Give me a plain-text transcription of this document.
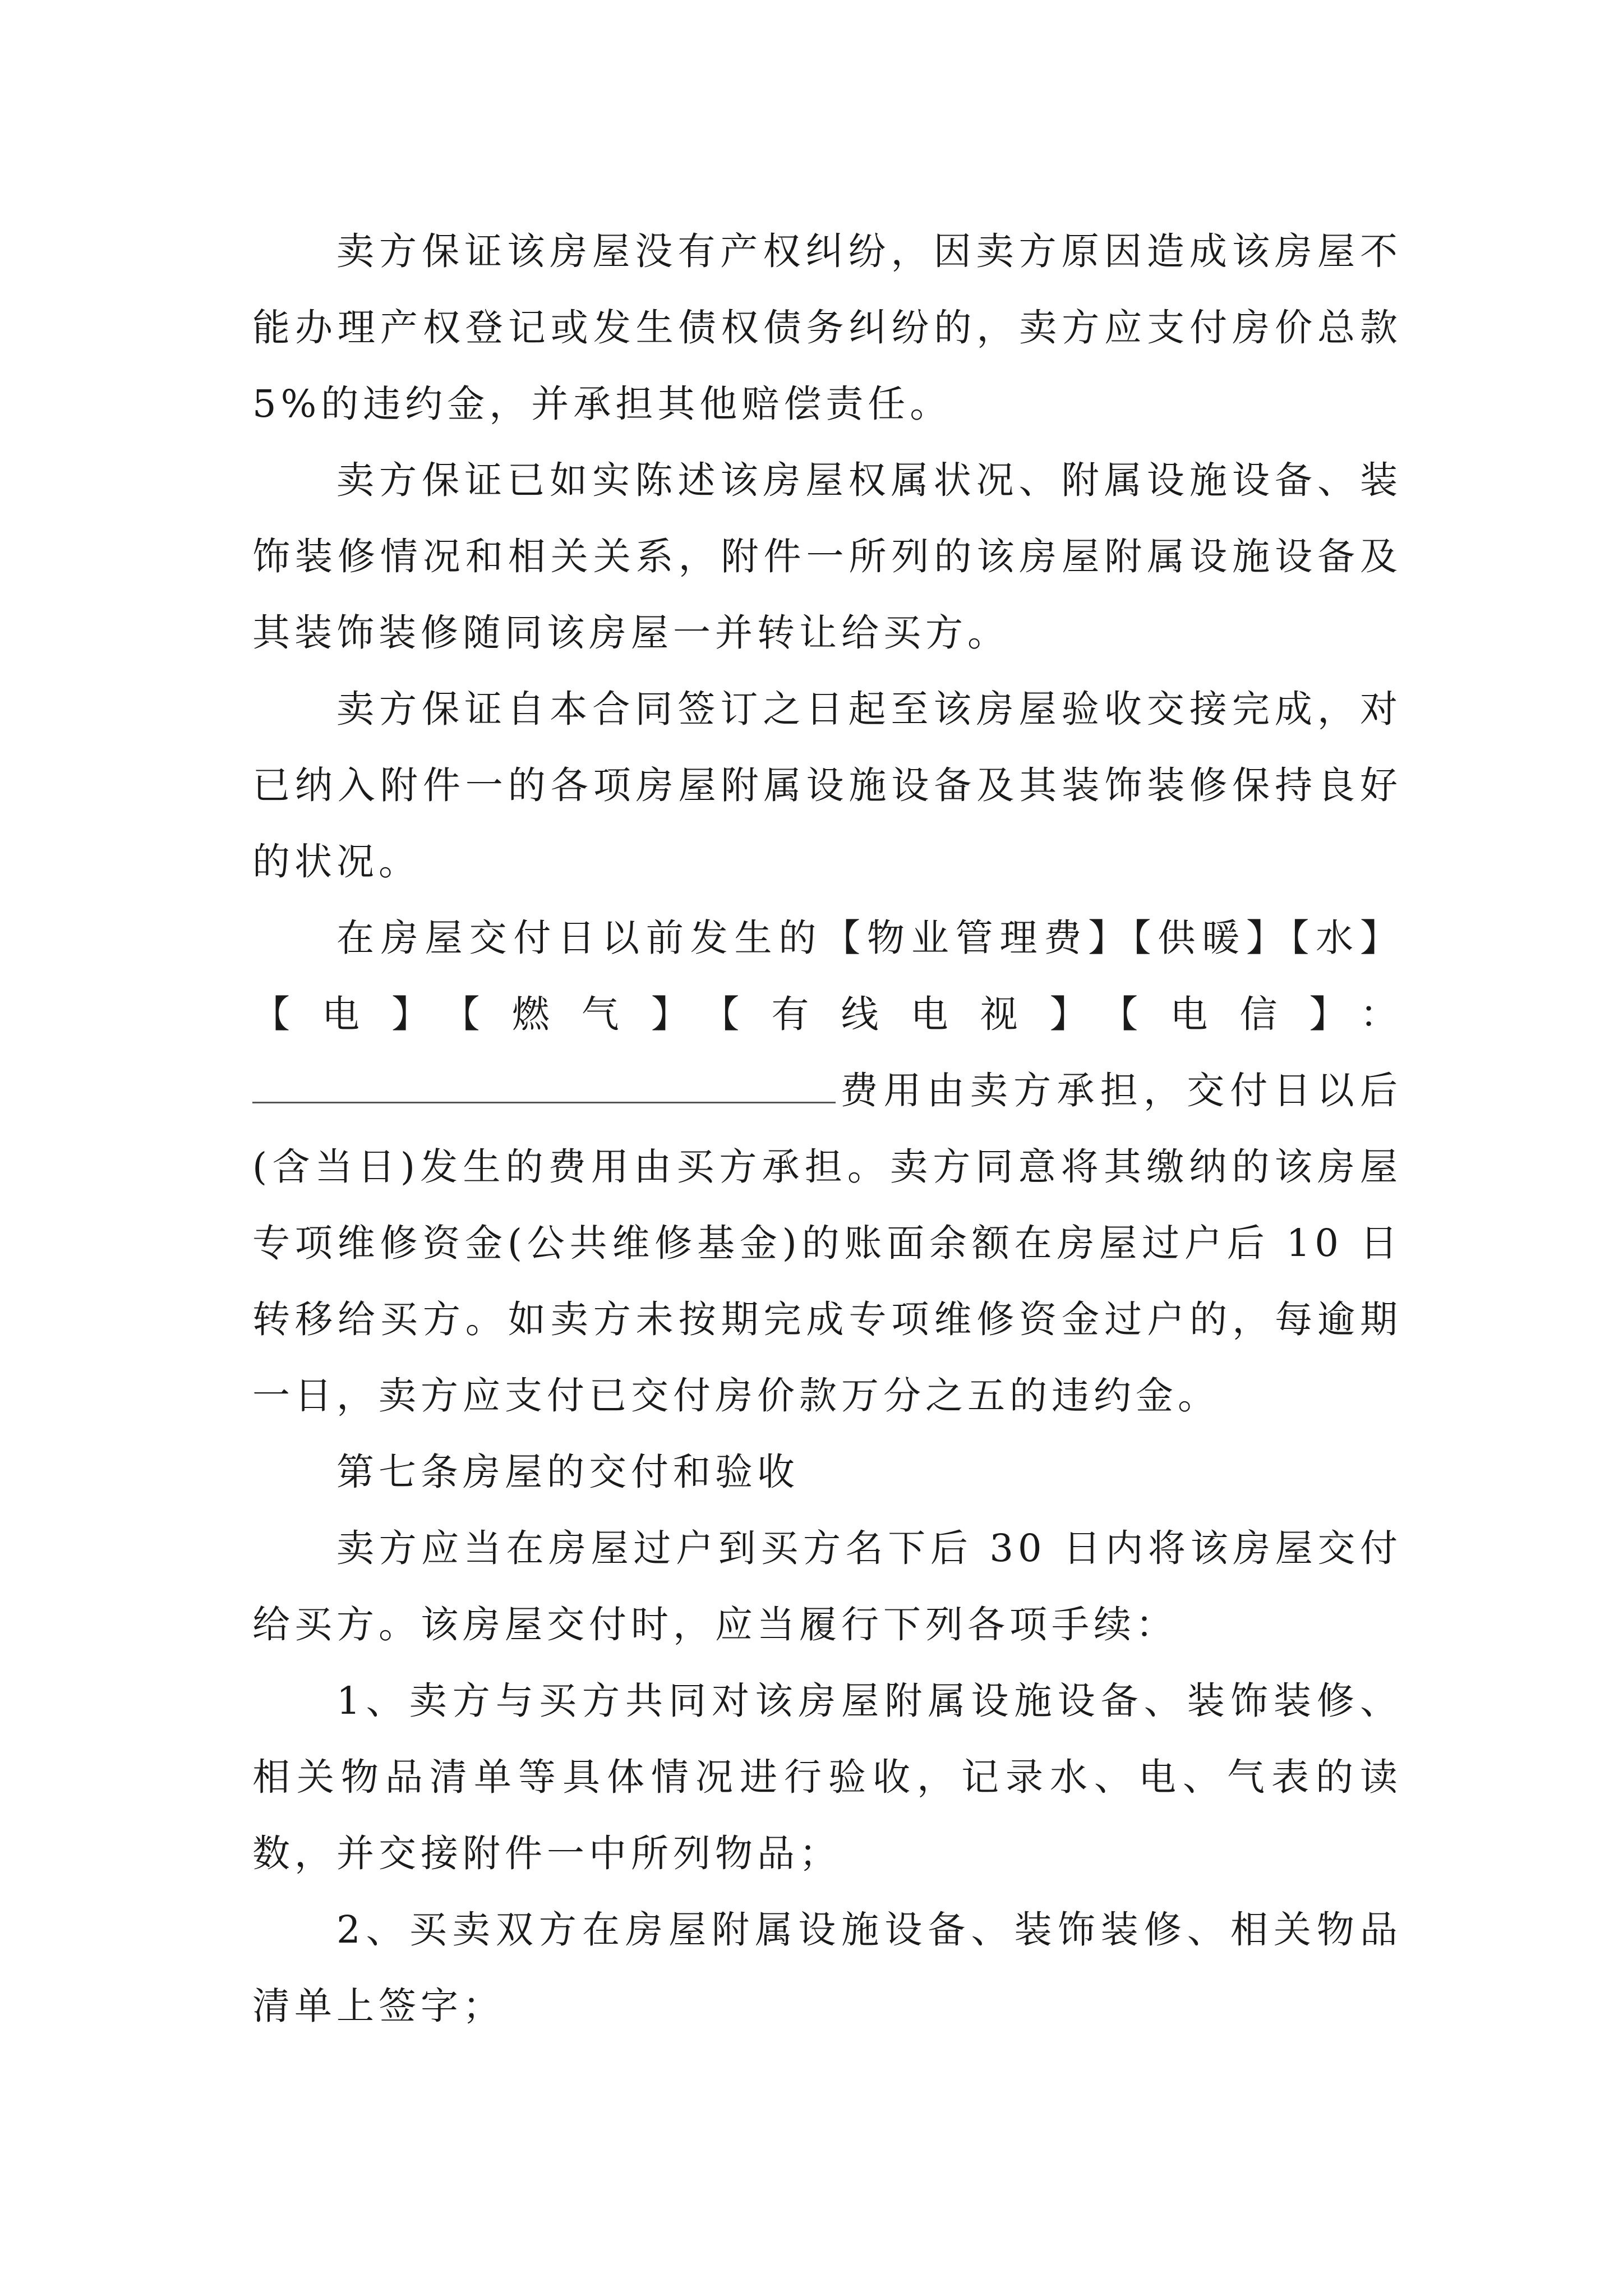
卖方保证该房屋没有产权纠纷，因卖方原因造成该房屋不能办理产权登记或发生债权债务纠纷的，卖方应支付房价总款 5%的违约金，并承担其他赔偿责任。

卖方保证已如实陈述该房屋权属状况、附属设施设备、装饰装修情况和相关关系，附件一所列的该房屋附属设施设备及其装饰装修随同该房屋一并转让给买方。

卖方保证自本合同签订之日起至该房屋验收交接完成，对已纳入附件一的各项房屋附属设施设备及其装饰装修保持良好的状况。

在房屋交付日以前发生的【物业管理费】【供暖】【水】

【电】【燃气】【有线电视】【电信】：

费用由卖方承担，交付日以后(含当日)发生的费用由买方承担。卖方同意将其缴纳的该房屋专项维修资金(公共维修基金)的账面余额在房屋过户后 10 日转移给买方。如卖方未按期完成专项维修资金过户的，每逾期一日，卖方应支付已交付房价款万分之五的违约金。

第七条房屋的交付和验收

卖方应当在房屋过户到买方名下后 30 日内将该房屋交付给买方。该房屋交付时，应当履行下列各项手续：

1、卖方与买方共同对该房屋附属设施设备、装饰装修、相关物品清单等具体情况进行验收，记录水、电、气表的读数，并交接附件一中所列物品；

2、买卖双方在房屋附属设施设备、装饰装修、相关物品清单上签字；
